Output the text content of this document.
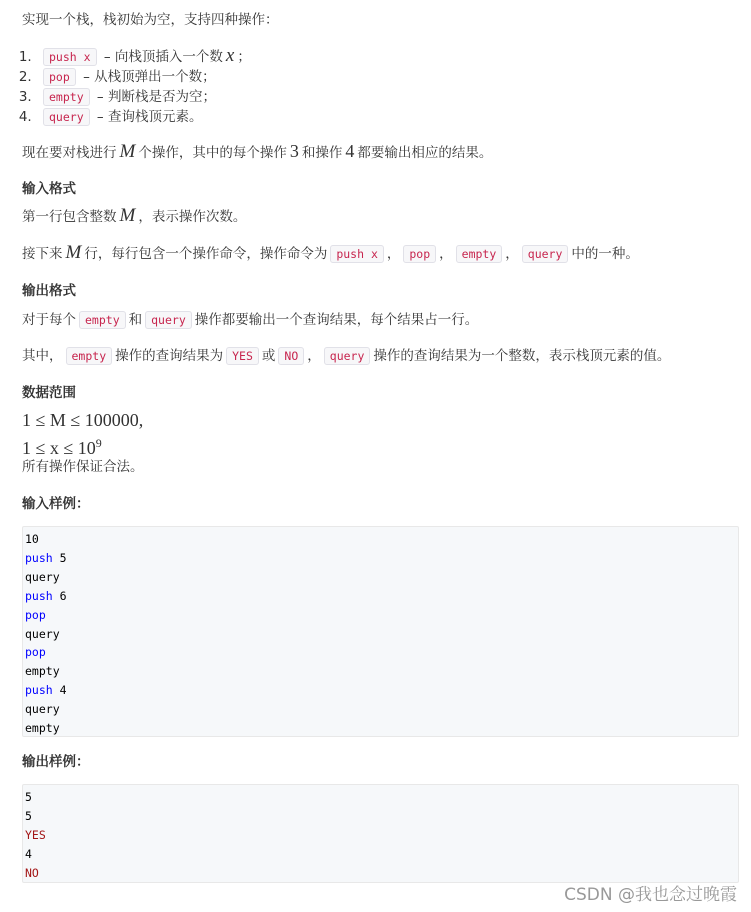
实现一个栈，栈初始为空，支持四种操作：
1. push x – 向栈顶插入一个数 x ；
2. pop – 从栈顶弹出一个数；
3. empty – 判断栈是否为空；
4. query – 查询栈顶元素。
现在要对栈进行 M 个操作，其中的每个操作 3 和操作 4 都要输出相应的结果。
输入格式
第一行包含整数 M ，表示操作次数。
接下来 M 行，每行包含一个操作命令，操作命令为 push x ， pop ， empty ， query 中的一种。
输出格式
对于每个 empty 和 query 操作都要输出一个查询结果，每个结果占一行。
其中， empty 操作的查询结果为 YES 或 NO ， query 操作的查询结果为一个整数，表示栈顶元素的值。
数据范围
1 ≤ M ≤ 100000,
$1 \le x \le 10^9$
所有操作保证合法。
输入样例：
10
push 5
query
push 6
pop
query
pop
empty
push 4
query
empty
输出样例：
5
5
YES
4
NO
CSDN @我也念过晚霞
